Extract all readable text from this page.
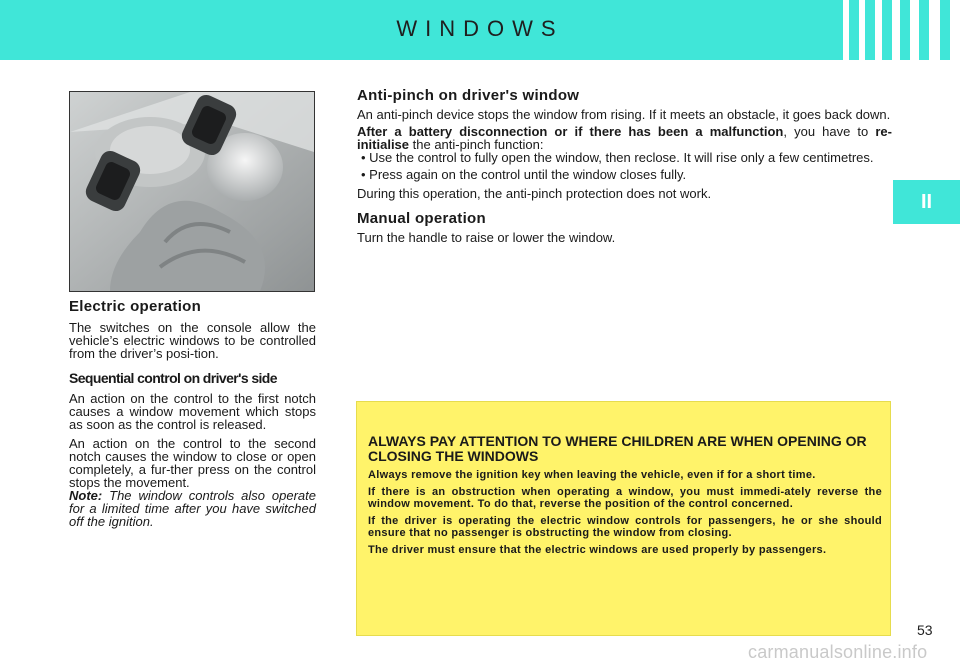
WINDOWS
II
Electric operation

The switches on the console allow the vehicle’s electric windows to be controlled from the driver’s posi-tion.

Sequential control on driver's side

An action on the control to the first notch causes a window movement which stops as soon as the control is released.

An action on the control to the second notch causes the window to close or open completely, a fur-ther press on the control stops the movement.

Note: The window controls also operate for a limited time after you have switched off the ignition.

Anti-pinch on driver's window

An anti-pinch device stops the window from rising. If it meets an obstacle, it goes back down.

After a battery disconnection or if there has been a malfunction, you have to re-initialise the anti-pinch function:

• Use the control to fully open the window, then reclose. It will rise only a few centimetres.

• Press again on the control until the window closes fully.

During this operation, the anti-pinch protection does not work.

Manual operation

Turn the handle to raise or lower the window.

ALWAYS PAY ATTENTION TO WHERE CHILDREN ARE WHEN OPENING OR CLOSING THE WINDOWS
Always remove the ignition key when leaving the vehicle, even if for a short time.
If there is an obstruction when operating a window, you must immedi-ately reverse the window movement. To do that, reverse the position of the control concerned.
If the driver is operating the electric window controls for passengers, he or she should ensure that no passenger is obstructing the window from closing.
The driver must ensure that the electric windows are used properly by passengers.
53
carmanualsonline.info
